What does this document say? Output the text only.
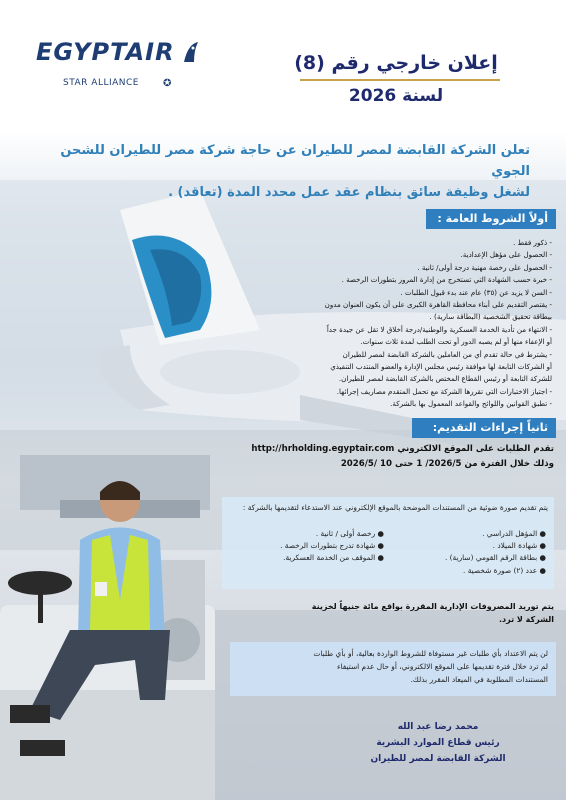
EGYPTAIR
STAR ALLIANCE ✪
إعلان خارجي رقم (8)
لسنة 2026
تعلن الشركة القابضة لمصر للطيران عن حاجة شركة مصر للطيران للشحن الجوي
لشغل وظيفة سائق بنظام عقد عمل محدد المدة (تعاقد) .
أولاً الشروط العامة :
- ذكور فقط .
- الحصول على مؤهل الإعدادية.
- الحصول على رخصة مهنية درجة أولى/ ثانية .
- خبرة حسب الشهادة التي تستخرج من إدارة المرور بتطورات الرخصة .
- السن لا يزيد عن (٣٥) عام عند بدء قبول الطلبات .
- يقتصر التقديم على أبناء محافظة القاهرة الكبرى على أن يكون العنوان مدون
بيطاقة تحقيق الشخصية (البطاقة سارية) .
- الانتهاء من تأدية الخدمة العسكرية والوطنية/درجة أخلاق لا تقل عن جيدة جداً
أو الإعفاء منها أو لم يصبه الدور أو تحت الطلب لمدة ثلاث سنوات.
- يشترط في حالة تقدم أي من العاملين بالشركة القابضة لمصر للطيران
أو الشركات التابعة لها موافقة رئيس مجلس الإدارة والعضو المنتدب التنفيذي
للشركة التابعة أو رئيس القطاع المختص بالشركة القابضة لمصر للطيران.
- اجتياز الاختبارات التي تقررها الشركة مع تحمل المتقدم مصاريف إجرائها.
- تطبق القوانين واللوائح والقواعد المعمول بها بالشركة.
ثانياً إجراءات التقديم:
تقدم الطلبات على الموقع الالكتروني http://hrholding.egyptair.com
وذلك خلال الفترة من 2026/5/ 1 حتى 10 /2026/5
يتم تقديم صورة ضوئية من المستندات الموضحة بالموقع الإلكتروني عند الاستدعاء لتقديمها بالشركة :
● المؤهل الدراسي .
● شهادة الميلاد .
● بطاقة الرقم القومي (سارية) .
● عدد (٢) صورة شخصية .
● رخصة أولى / ثانية .
● شهادة تدرج بتطورات الرخصة .
● الموقف من الخدمة العسكرية.
يتم توريد المصروفات الإدارية المقررة بواقع مائة جنيهاً لخزينة
الشركة لا ترد.
لن يتم الاعتداد بأي طلبات غير مستوفاة للشروط الواردة بعالية، أو بأي طلبات
لم ترد خلال فترة تقديمها على الموقع الالكتروني، أو حال عدم استيفاء
المستندات المطلوبة في الميعاد المقرر بذلك.
محمد رضا عبد الله
رئيس قطاع الموارد البشرية
الشركة القابضة لمصر للطيران
